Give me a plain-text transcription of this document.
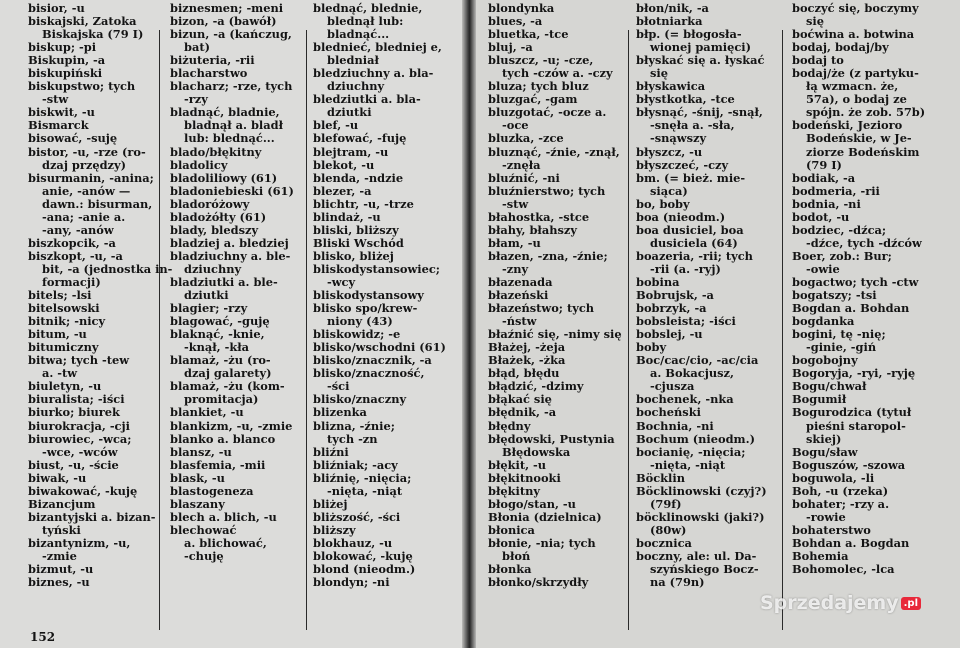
bisior, -u
biskajski, Zatoka
Biskajska (79 I)
biskup; -pi
Biskupin, -a
biskupiński
biskupstwo; tych
-stw
biskwit, -u
Bismarck
bisować, -suję
bistor, -u, -rze (ro-
dzaj przędzy)
bisurmanin, -anina;
anie, -anów —
dawn.: bisurman,
-ana; -anie a.
-any, -anów
biszkopcik, -a
biszkopt, -u, -a
bit, -a (jednostka in-
formacji)
bitels; -lsi
bitelsowski
bitnik; -nicy
bitum, -u
bitumiczny
bitwa; tych -tew
a. -tw
biuletyn, -u
biuralista; -iści
biurko; biurek
biurokracja, -cji
biurowiec, -wca;
-wce, -wców
biust, -u, -ście
biwak, -u
biwakować, -kuję
Bizancjum
bizantyjski a. bizan-
tyński
bizantynizm, -u,
-zmie
bizmut, -u
biznes, -u
biznesmen; -meni
bizon, -a (bawół)
bizun, -a (kańczug,
bat)
biżuteria, -rii
blacharstwo
blacharz; -rze, tych
-rzy
bladnąć, bladnie,
bladnął a. bladł
lub: blednąć...
blado/błękitny
bladolicy
bladoliliowy (61)
bladoniebieski (61)
bladoróżowy
bladożółty (61)
blady, bledszy
bladziej a. bledziej
bladziuchny a. ble-
dziuchny
bladziutki a. ble-
dziutki
blagier; -rzy
blagować, -guję
blaknąć, -knie,
-knął, -kła
blamaż, -żu (ro-
dzaj galarety)
blamaż, -żu (kom-
promitacja)
blankiet, -u
blankizm, -u, -zmie
blanko a. blanco
blansz, -u
blasfemia, -mii
blask, -u
blastogeneza
blaszany
blech a. blich, -u
blechować
a. blichować,
-chuję
blednąć, blednie,
blednął lub:
bladnąć...
blednieć, bledniej e,
bledniał
bledziuchny a. bla-
dziuchny
bledziutki a. bla-
dziutki
blef, -u
blefować, -fuję
blejtram, -u
blekot, -u
blenda, -ndzie
blezer, -a
blichtr, -u, -trze
blindaż, -u
bliski, bliższy
Bliski Wschód
blisko, bliżej
bliskodystansowiec;
-wcy
bliskodystansowy
blisko spo/krew-
niony (43)
bliskowidz; -e
blisko/wschodni (61)
blisko/znacznik, -a
blisko/znaczność,
-ści
blisko/znaczny
blizenka
blizna, -źnie;
tych -zn
bliźni
bliźniak; -acy
bliźnię, -nięcia;
-nięta, -niąt
bliżej
bliższość, -ści
bliższy
blokhauz, -u
blokować, -kuję
blond (nieodm.)
blondyn; -ni
blondynka
blues, -a
bluetka, -tce
bluj, -a
bluszcz, -u; -cze,
tych -czów a. -czy
bluza; tych bluz
bluzgać, -gam
bluzgotać, -ocze a.
-oce
bluzka, -zce
bluznąć, -źnie, -znął,
-znęła
bluźnić, -ni
bluźnierstwo; tych
-stw
błahostka, -stce
błahy, błahszy
błam, -u
błazen, -zna, -źnie;
-zny
błazenada
błazeński
błazeństwo; tych
-ństw
błaźnić się, -nimy się
Błażej, -żeja
Błażek, -żka
błąd, błędu
błądzić, -dzimy
błąkać się
błędnik, -a
błędny
błędowski, Pustynia
Błędowska
błękit, -u
błękitnooki
błękitny
błogo/stan, -u
Błonia (dzielnica)
błonica
błonie, -nia; tych
błoń
błonka
błonko/skrzydły
błon/nik, -a
błotniarka
błp. (= błogosła-
wionej pamięci)
błyskać się a. łyskać
się
błyskawica
błystkotka, -tce
błysnąć, -śnij, -snął,
-snęła a. -sła,
-snąwszy
błyszcz, -u
błyszczeć, -czy
bm. (= bież. mie-
siąca)
bo, boby
boa (nieodm.)
boa dusiciel, boa
dusiciela (64)
boazeria, -rii; tych
-rii (a. -ryj)
bobina
Bobrujsk, -a
bobrzyk, -a
bobsleista; -iści
bobslej, -u
boby
Boc/cac/cio, -ac/cia
a. Bokacjusz,
-cjusza
bochenek, -nka
bocheński
Bochnia, -ni
Bochum (nieodm.)
bocianię, -nięcia;
-nięta, -niąt
Böcklin
Böcklinowski (czyj?)
(79f)
böcklinowski (jaki?)
(80w)
bocznica
boczny, ale: ul. Da-
szyńskiego Bocz-
na (79n)
boczyć się, boczymy
się
boćwina a. botwina
bodaj, bodaj/by
bodaj to
bodaj/że (z partyku-
łą wzmacn. że,
57a), o bodaj ze
spójn. że zob. 57b)
bodeński, Jezioro
Bodeńskie, w Je-
ziorze Bodeńskim
(79 I)
bodiak, -a
bodmeria, -rii
bodnia, -ni
bodot, -u
bodziec, -dźca;
-dźce, tych -dźców
Boer, zob.: Bur;
-owie
bogactwo; tych -ctw
bogatszy; -tsi
Bogdan a. Bohdan
bogdanka
bogini, tę -nię;
-ginie, -giń
bogobojny
Bogoryja, -ryi, -ryję
Bogu/chwał
Bogumił
Bogurodzica (tytuł
pieśni staropol-
skiej)
Bogu/sław
Boguszów, -szowa
boguwola, -li
Boh, -u (rzeka)
bohater; -rzy a.
-rowie
bohaterstwo
Bohdan a. Bogdan
Bohemia
Bohomolec, -lca
152
Sprzedajemy .pl
